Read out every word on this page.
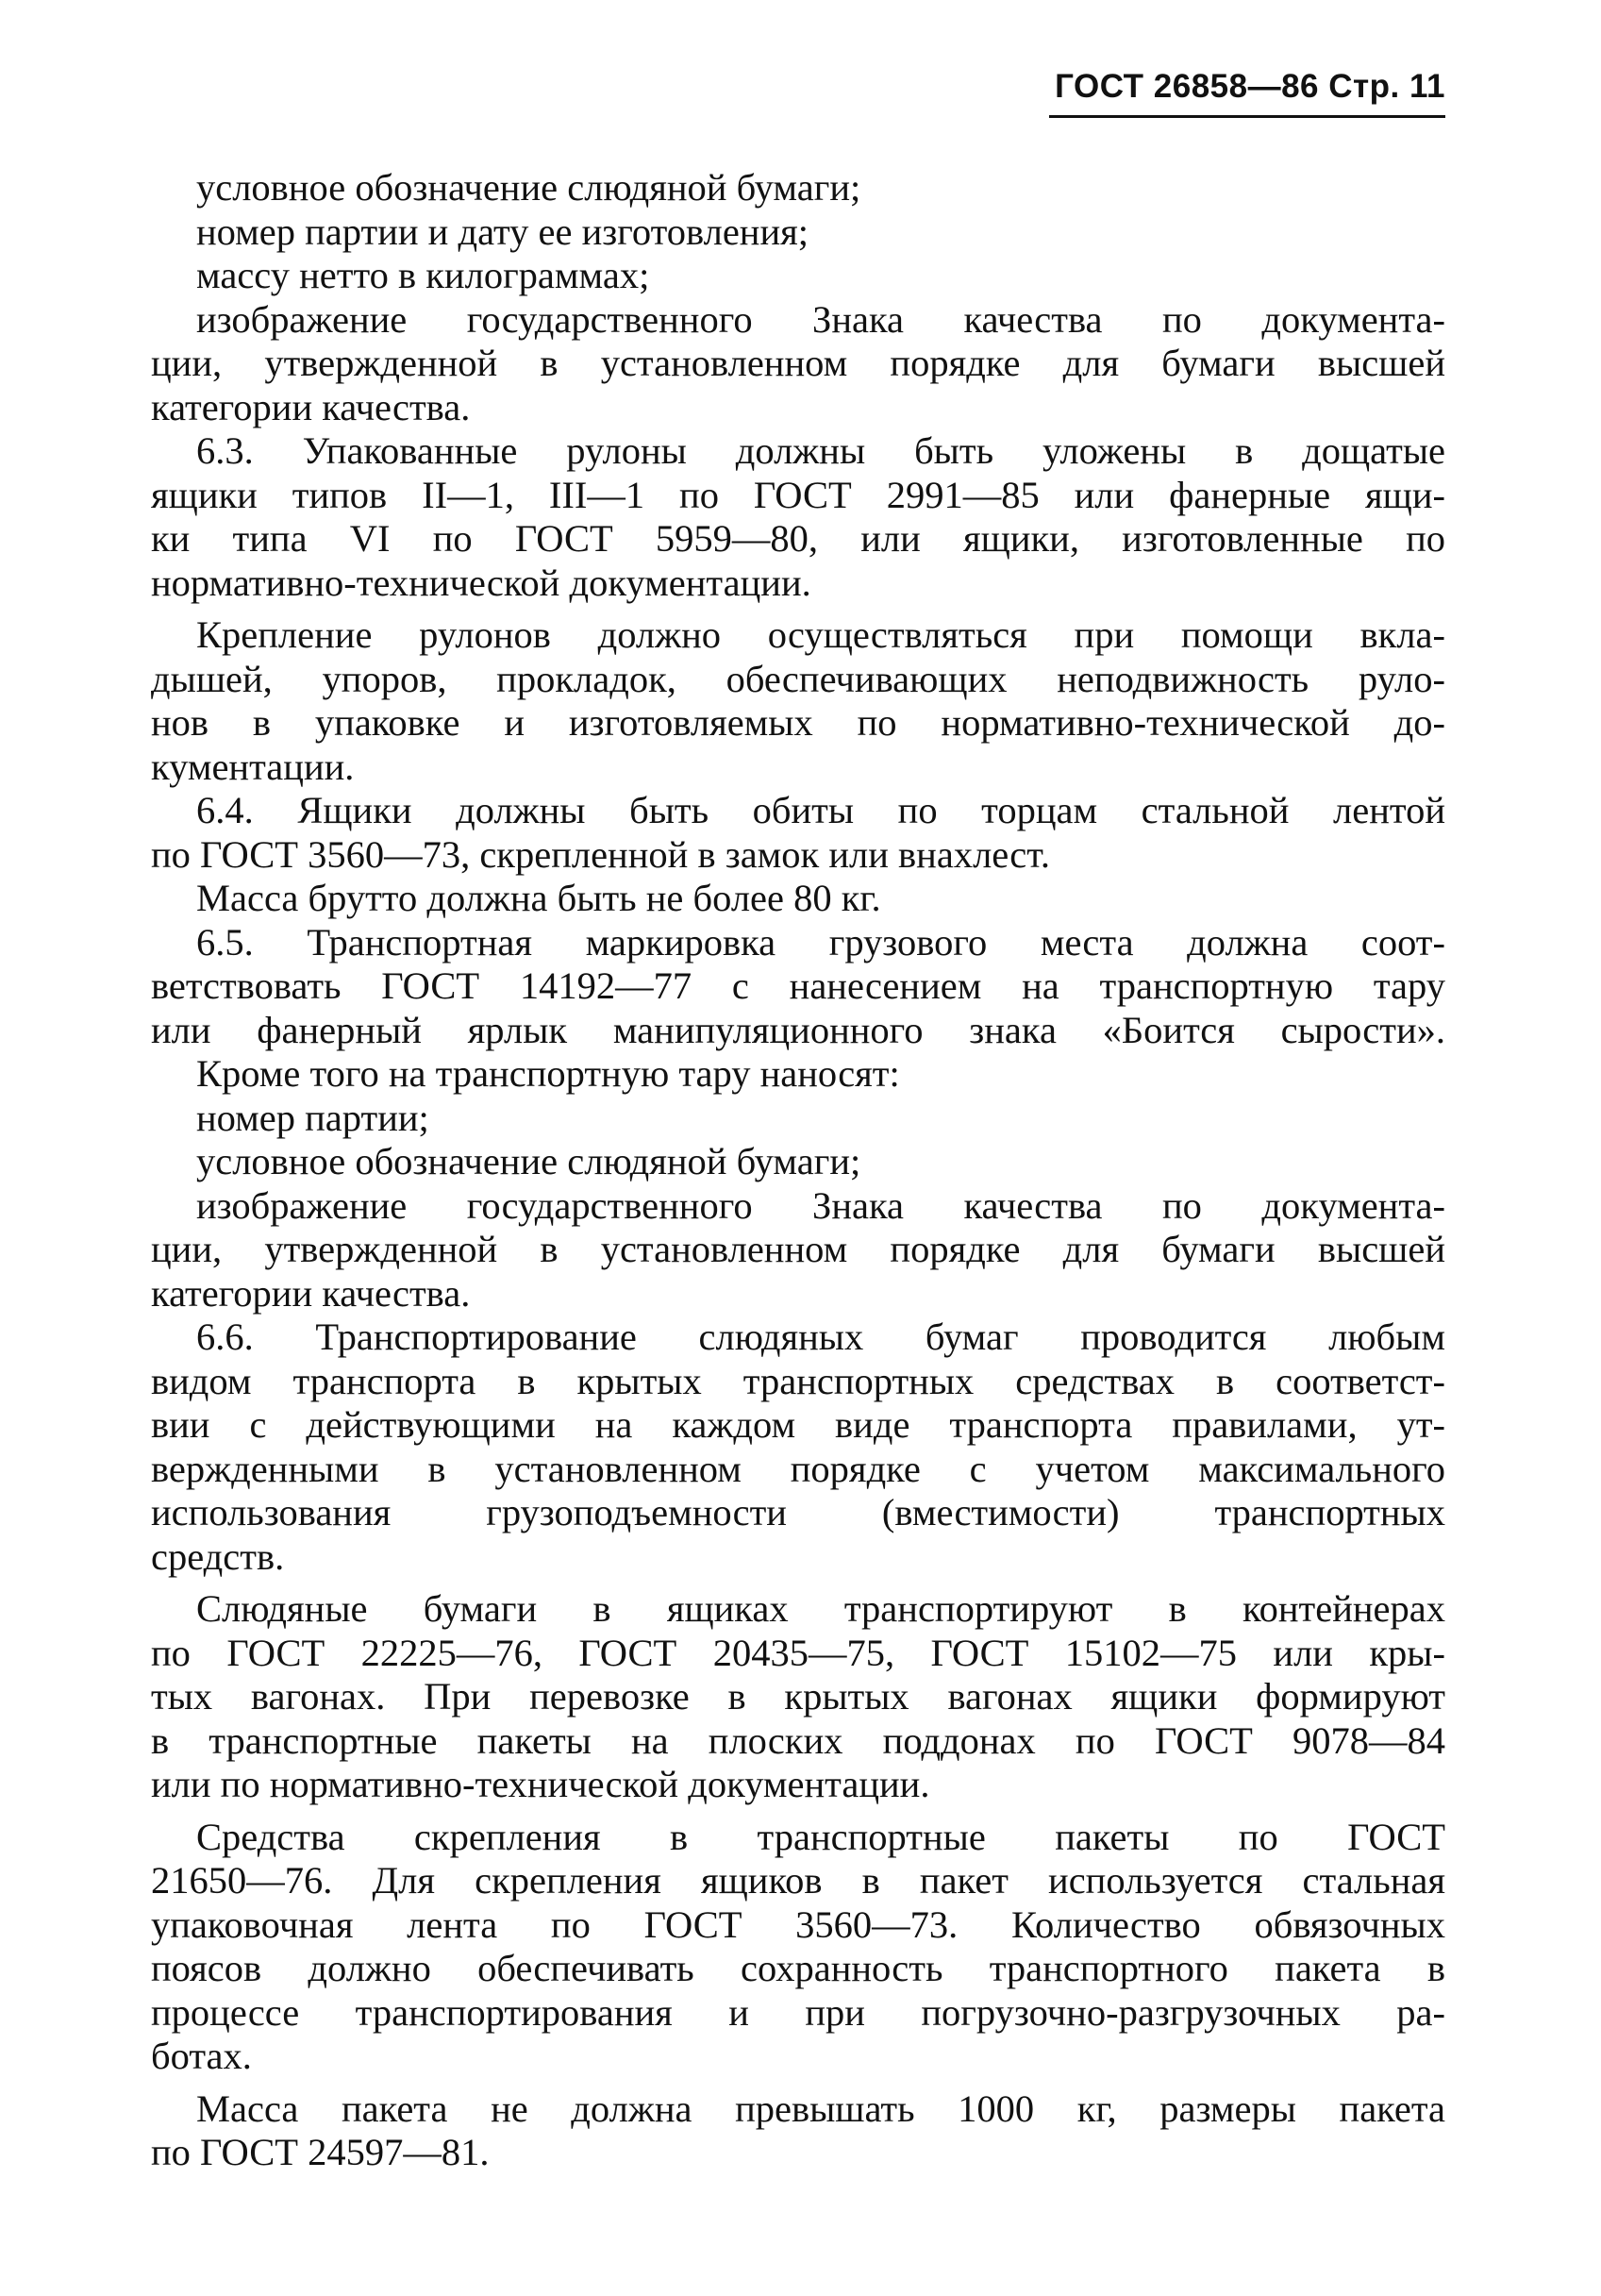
ГОСТ 26858—86 Стр. 11
условное обозначение слюдяной бумаги;
номер партии и дату ее изготовления;
массу нетто в килограммах;
изображение государственного Знака качества по документа-
ции, утвержденной в установленном порядке для бумаги высшей
категории качества.
6.3. Упакованные рулоны должны быть уложены в дощатые
ящики типов II—1, III—1 по ГОСТ 2991—85 или фанерные ящи-
ки типа VI по ГОСТ 5959—80, или ящики, изготовленные по
нормативно-технической документации.
Крепление рулонов должно осуществляться при помощи вкла-
дышей, упоров, прокладок, обеспечивающих неподвижность руло-
нов в упаковке и изготовляемых по нормативно-технической до-
кументации.
6.4. Ящики должны быть обиты по торцам стальной лентой
по ГОСТ 3560—73, скрепленной в замок или внахлест.
Масса брутто должна быть не более 80 кг.
6.5. Транспортная маркировка грузового места должна соот-
ветствовать ГОСТ 14192—77 с нанесением на транспортную тару
или фанерный ярлык манипуляционного знака «Боится сырости».
Кроме того на транспортную тару наносят:
номер партии;
условное обозначение слюдяной бумаги;
изображение государственного Знака качества по документа-
ции, утвержденной в установленном порядке для бумаги высшей
категории качества.
6.6. Транспортирование слюдяных бумаг проводится любым
видом транспорта в крытых транспортных средствах в соответст-
вии с действующими на каждом виде транспорта правилами, ут-
вержденными в установленном порядке с учетом максимального
использования грузоподъемности (вместимости) транспортных
средств.
Слюдяные бумаги в ящиках транспортируют в контейнерах
по ГОСТ 22225—76, ГОСТ 20435—75, ГОСТ 15102—75 или кры-
тых вагонах. При перевозке в крытых вагонах ящики формируют
в транспортные пакеты на плоских поддонах по ГОСТ 9078—84
или по нормативно-технической документации.
Средства скрепления в транспортные пакеты по ГОСТ
21650—76. Для скрепления ящиков в пакет используется стальная
упаковочная лента по ГОСТ 3560—73. Количество обвязочных
поясов должно обеспечивать сохранность транспортного пакета в
процессе транспортирования и при погрузочно-разгрузочных ра-
ботах.
Масса пакета не должна превышать 1000 кг, размеры пакета
по ГОСТ 24597—81.
